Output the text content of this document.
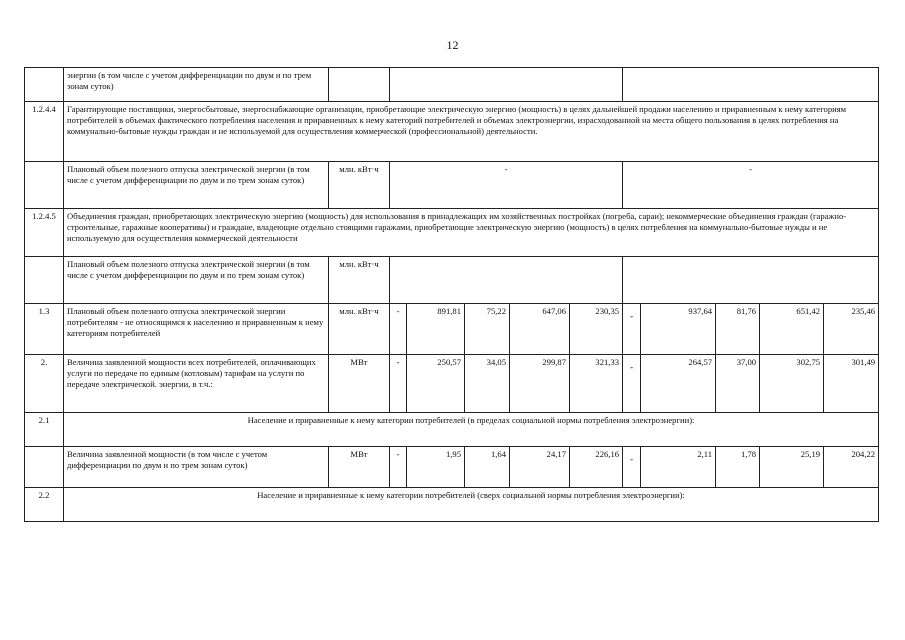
12
	энергии (в том числе с учетом дифференциации по двум и по трем зонам суток)											
1.2.4.4	Гарантирующие поставщики, энергосбытовые, энергоснабжающие организации, приобретающие электрическую энергию (мощность) в целях дальнейшей продажи населению и приравненным к нему категориям потребителей в объемах фактического потребления населения и приравненных к нему категорий потребителей и объемах электроэнергии, израсходованной на места общего пользования в целях потребления на коммунально-бытовые нужды граждан и не используемой для осуществления коммерческой (профессиональной) деятельности.											
	Плановый объем полезного отпуска электрической энергии (в том числе с учетом дифференциации по двум и по трем зонам суток)	млн. кВт·ч	-					-				
1.2.4.5	Объединения граждан, приобретающих электрическую энергию (мощность) для использования в принадлежащих им хозяйственных постройках (погреба, сараи); некоммерческие объединения граждан (гаражно-строительные, гаражные кооперативы) и граждане, владеющие отдельно стоящими гаражами, приобретающие электрическую энергию (мощность) в целях потребления на коммунально-бытовые нужды и не используемую для осуществления коммерческой деятельности											
	Плановый объем полезного отпуска электрической энергии (в том числе с учетом дифференциации по двум и по трем зонам суток)	млн. кВт·ч										
1.3	Плановый объем полезного отпуска электрической энергии потребителям - не относящимся к населению и приравненным к нему категориям потребителей	млн. кВт·ч	-	891,81	75,22	647,06	230,35	-	937,64	81,76	651,42	235,46
2.	Величина заявленной мощности всех потребителей, оплачивающих услуги по передаче по единым (котловым) тарифам на услуги по передаче электрической. энергии, в т.ч.:	МВт	-	250,57	34,05	299,87	321,33	-	264,57	37,00	302,75	301,49
2.1	Население и приравненные к нему категории потребителей (в пределах социальной нормы потребления электроэнергии):											
	Величина заявленной мощности (в том числе с учетом дифференциации по двум и по трем зонам суток)	МВт	-	1,95	1,64	24,17	226,16	-	2,11	1,78	25,19	204,22
2.2	Население и приравненные к нему категории потребителей (сверх социальной нормы потребления электроэнергии):											
